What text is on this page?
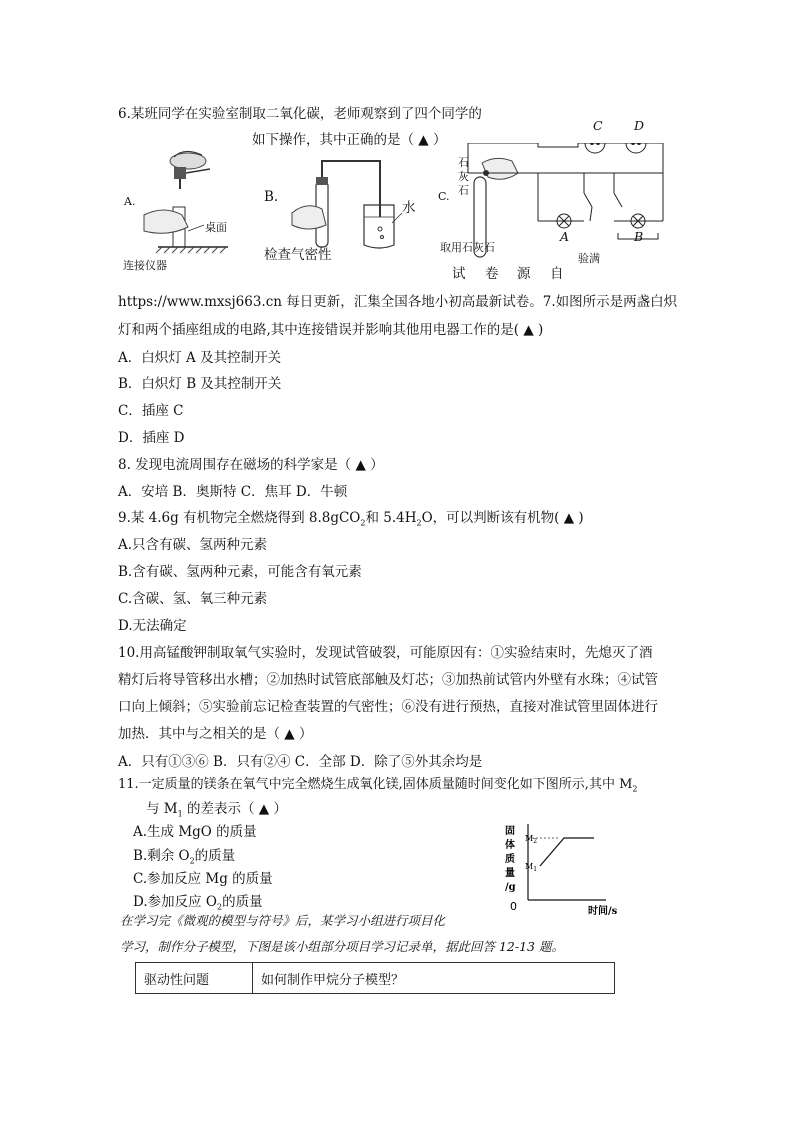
6.某班同学在实验室制取二氧化碳，老师观察到了四个同学的
如下操作，其中正确的是（ ▲ ）
A.
桌面
连接仪器
B.
水
检查气密性
C.
石
灰
石
取用石灰石
C	D
A	B
验满
试 卷 源 自
https://www.mxsj663.cn 每日更新，汇集全国各地小初高最新试卷。7.如图所示是两盏白炽
灯和两个插座组成的电路,其中连接错误并影响其他用电器工作的是( ▲ )
A．白炽灯 A 及其控制开关
B．白炽灯 B 及其控制开关
C．插座 C
D．插座 D
8. 发现电流周围存在磁场的科学家是（ ▲ ）
A．安培 B．奥斯特 C．焦耳 D．牛顿
9.某 4.6g 有机物完全燃烧得到 8.8gCO$_2$和 $5.4H_2O$，可以判断该有机物( ▲ )
A.只含有碳、氢两种元素
B.含有碳、氢两种元素，可能含有氧元素
C.含碳、氢、氧三种元素
D.无法确定
10.用高锰酸钾制取氧气实验时，发现试管破裂，可能原因有：①实验结束时，先熄灭了酒
精灯后将导管移出水槽；②加热时试管底部触及灯芯；③加热前试管内外壁有水珠；④试管
口向上倾斜；⑤实验前忘记检查装置的气密性；⑥没有进行预热，直接对准试管里固体进行
加热．其中与之相关的是（ ▲ ）
A．只有①③⑥ B．只有②④ C．全部 D．除了⑤外其余均是
11.一定质量的镁条在氧气中完全燃烧生成氧化镁,固体质量随时间变化如下图所示,其中 $M_2$
与 $M_1$ 的差表示（ ▲ ）
A.生成 MgO 的质量
B.剩余 $O_2$的质量
C.参加反应 Mg 的质量
D.参加反应 $O_2$的质量
固
体
质
量
/g
$M_2$
$M_1$
0	时间/s
在学习完《微观的模型与符号》后，某学习小组进行项目化
学习，制作分子模型，下图是该小组部分项目学习记录单，据此回答 12-13 题。
驱动性问题	如何制作甲烷分子模型？
